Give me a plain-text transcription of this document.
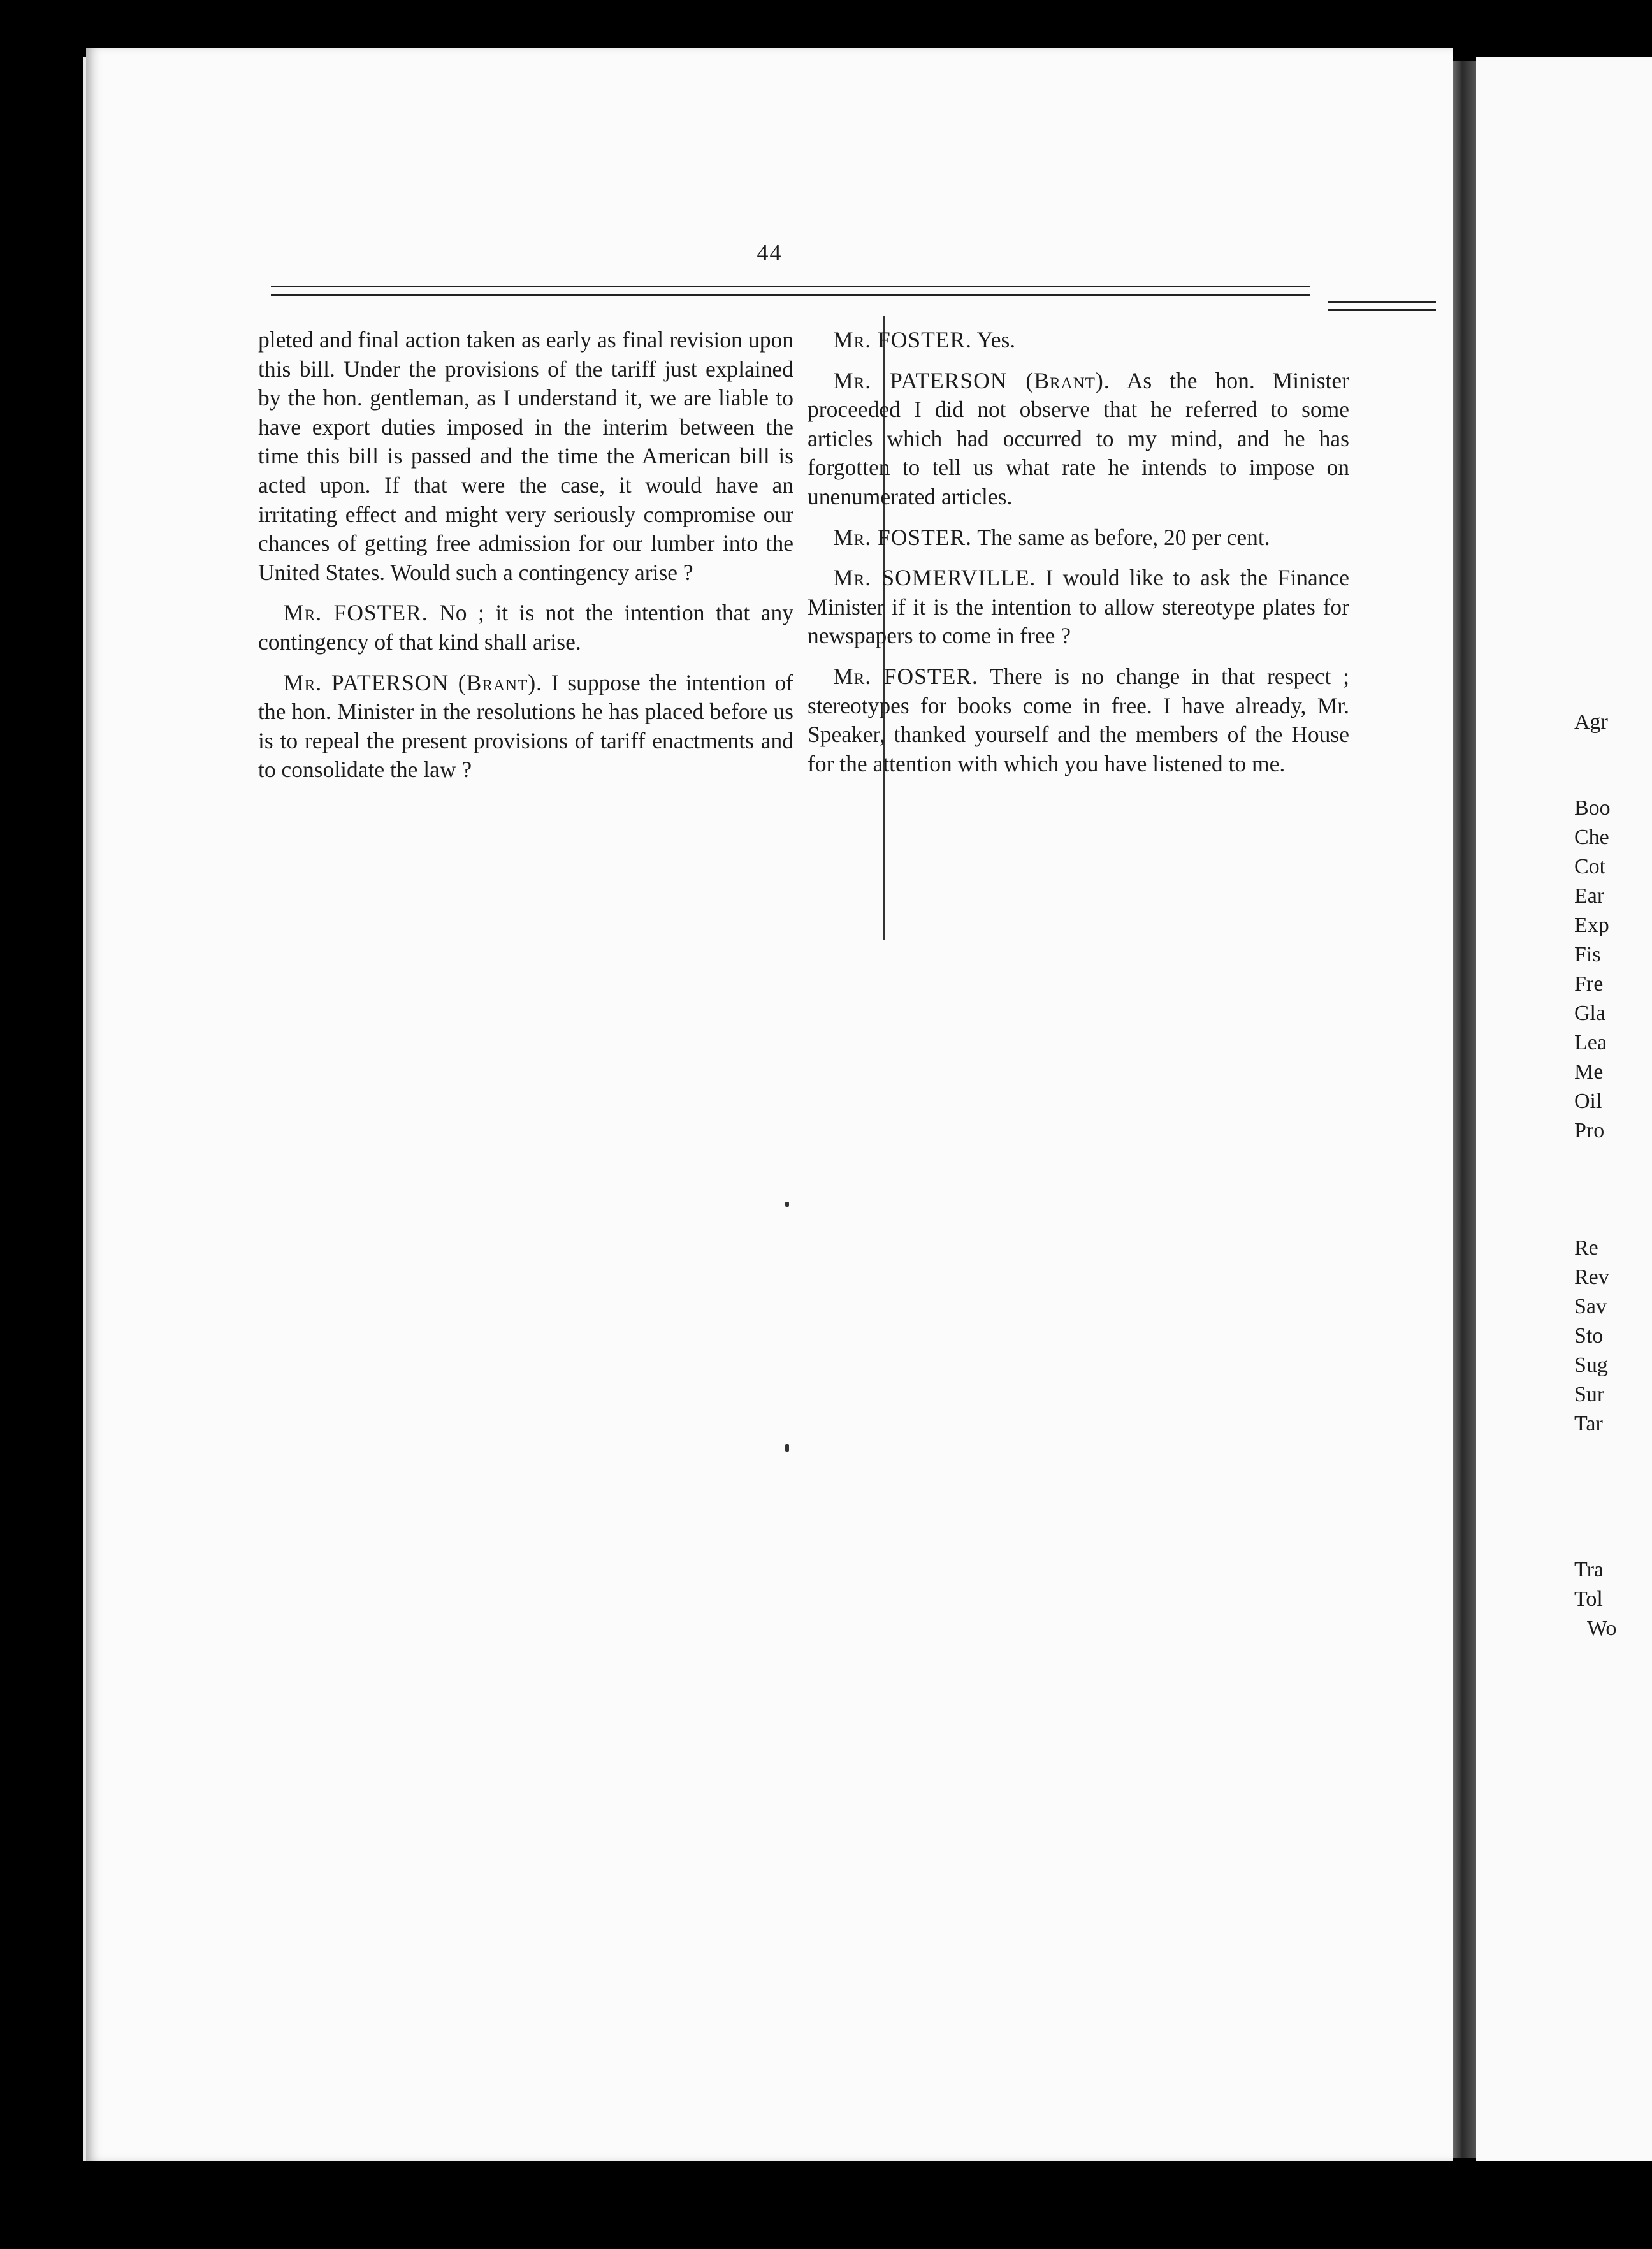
44

pleted and final action taken as early as final revision upon this bill. Under the provisions of the tariff just explained by the hon. gentleman, as I understand it, we are liable to have export duties imposed in the interim between the time this bill is passed and the time the American bill is acted upon. If that were the case, it would have an irritating effect and might very seriously compromise our chances of getting free admission for our lumber into the United States. Would such a contingency arise ?

Mr. FOSTER. No ; it is not the intention that any contingency of that kind shall arise.

Mr. PATERSON (Brant). I suppose the intention of the hon. Minister in the resolutions he has placed before us is to repeal the present provisions of tariff enactments and to consolidate the law ?

Mr. FOSTER. Yes.

Mr. PATERSON (Brant). As the hon. Minister proceeded I did not observe that he referred to some articles which had occurred to my mind, and he has forgotten to tell us what rate he intends to impose on unenumerated articles.

Mr. FOSTER. The same as before, 20 per cent.

Mr. SOMERVILLE. I would like to ask the Finance Minister if it is the intention to allow stereotype plates for newspapers to come in free ?

Mr. FOSTER. There is no change in that respect ; stereotypes for books come in free. I have already, Mr. Speaker, thanked yourself and the members of the House for the attention with which you have listened to me.

Agr
Boo
Che
Cot
Ear
Exp
Fis
Fre
Gla
Lea
Me
Oil
Pro
Re
Rev
Sav
Sto
Sug
Sur
Tar
Tra
Tol
Wo
